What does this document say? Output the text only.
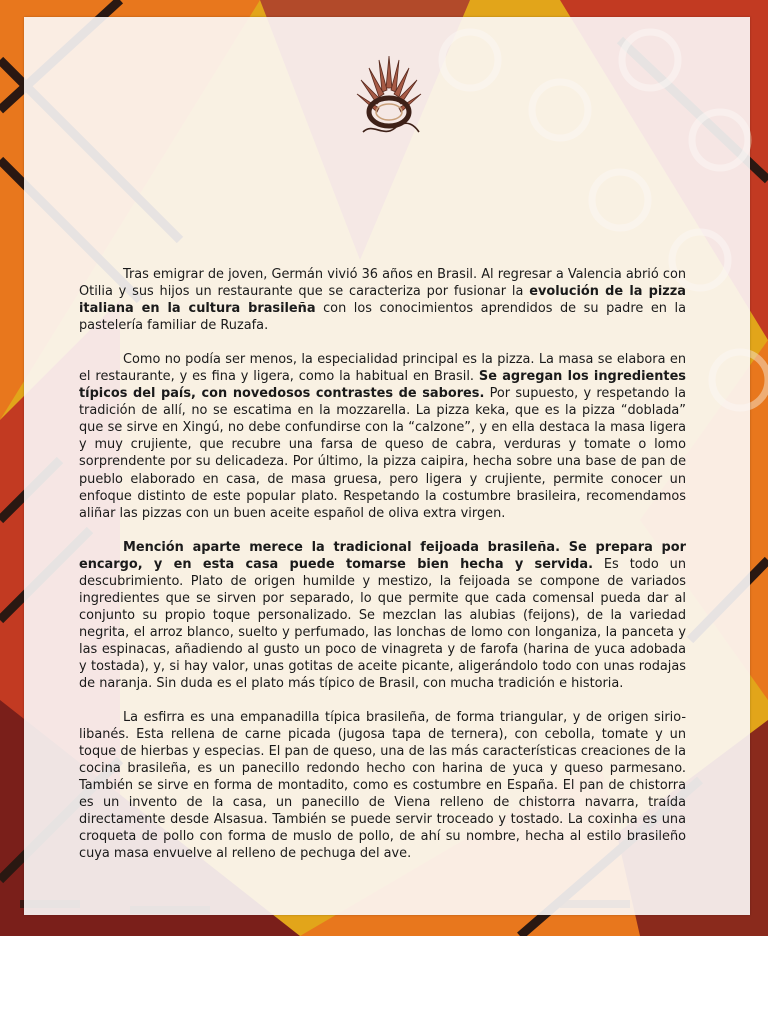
Tras emigrar de joven, Germán vivió 36 años en Brasil. Al regresar a Valencia abrió con Otilia y sus hijos un restaurante que se caracteriza por fusionar la evolución de la pizza italiana en la cultura brasileña con los conocimientos aprendidos de su padre en la pastelería familiar de Ruzafa.

Como no podía ser menos, la especialidad principal es la pizza. La masa se elabora en el restaurante, y es fina y ligera, como la habitual en Brasil. Se agregan los ingredientes típicos del país, con novedosos contrastes de sabores. Por supuesto, y respetando la tradición de allí, no se escatima en la mozzarella. La pizza keka, que es la pizza “doblada” que se sirve en Xingú, no debe confundirse con la “calzone”, y en ella destaca la masa ligera y muy crujiente, que recubre una farsa de queso de cabra, verduras y tomate o lomo sorprendente por su delicadeza. Por último, la pizza caipira, hecha sobre una base de pan de pueblo elaborado en casa, de masa gruesa, pero ligera y crujiente, permite conocer un enfoque distinto de este popular plato. Respetando la costumbre brasileira, recomendamos aliñar las pizzas con un buen aceite español de oliva extra virgen.

Mención aparte merece la tradicional feijoada brasileña. Se prepara por encargo, y en esta casa puede tomarse bien hecha y servida. Es todo un descubrimiento. Plato de origen humilde y mestizo, la feijoada se compone de variados ingredientes que se sirven por separado, lo que permite que cada comensal pueda dar al conjunto su propio toque personalizado. Se mezclan las alubias (feijons), de la variedad negrita, el arroz blanco, suelto y perfumado, las lonchas de lomo con longaniza, la panceta y las espinacas, añadiendo al gusto un poco de vinagreta y de farofa (harina de yuca adobada y tostada), y, si hay valor, unas gotitas de aceite picante, aligerándolo todo con unas rodajas de naranja. Sin duda es el plato más típico de Brasil, con mucha tradición e historia.

La esfirra es una empanadilla típica brasileña, de forma triangular, y de origen sirio-libanés. Esta rellena de carne picada (jugosa tapa de ternera), con cebolla, tomate y un toque de hierbas y especias. El pan de queso, una de las más características creaciones de la cocina brasileña, es un panecillo redondo hecho con harina de yuca y queso parmesano. También se sirve en forma de montadito, como es costumbre en España. El pan de chistorra es un invento de la casa, un panecillo de Viena relleno de chistorra navarra, traída directamente desde Alsasua. También se puede servir troceado y tostado. La coxinha es una croqueta de pollo con forma de muslo de pollo, de ahí su nombre, hecha al estilo brasileño cuya masa envuelve al relleno de pechuga del ave.
